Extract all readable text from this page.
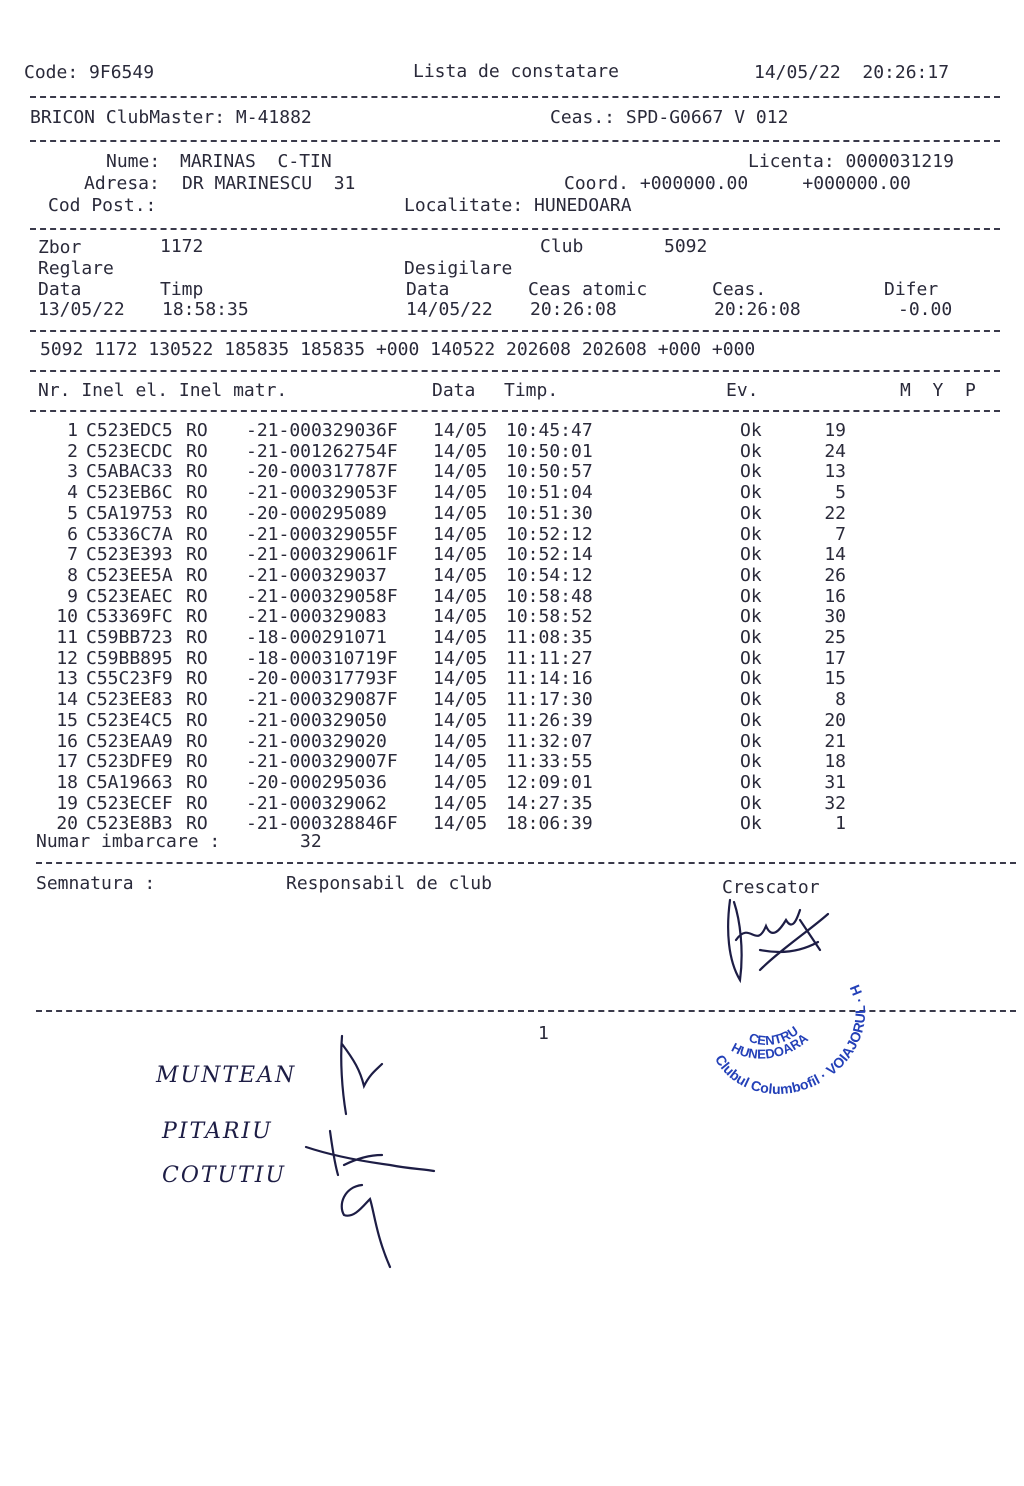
Code: 9F6549	Lista de constatare	14/05/22  20:26:17
BRICON ClubMaster: M-41882	Ceas.: SPD-G0667 V 012
Nume: MARINAS  C-TIN	Licenta: 0000031219
Adresa: DR MARINESCU  31	Coord. +000000.00     +000000.00
Cod Post.:	Localitate: HUNEDOARA
Zbor	1172	Club	5092
Reglare	Desigilare
Data	Timp	Data	Ceas atomic	Ceas.	Difer
13/05/22 18:58:35	14/05/22 20:26:08	20:26:08	-0.00
5092 1172 130522 185835 185835 +000 140522 202608 202608 +000 +000
Nr. Inel el. Inel matr.	Data Timp.	Ev.	M  Y  P
1 C523EDC5 RO -21-000329036F 14/05 10:45:47	Ok	19
2 C523ECDC RO -21-001262754F 14/05 10:50:01	Ok	24
3 C5ABAC33 RO -20-000317787F 14/05 10:50:57	Ok	13
4 C523EB6C RO -21-000329053F 14/05 10:51:04	Ok	5
5 C5A19753 RO -20-000295089	14/05 10:51:30	Ok	22
6 C5336C7A RO -21-000329055F 14/05 10:52:12	Ok	7
7 C523E393 RO -21-000329061F 14/05 10:52:14	Ok	14
8 C523EE5A RO -21-000329037	14/05 10:54:12	Ok	26
9 C523EAEC RO -21-000329058F 14/05 10:58:48	Ok	16
10 C53369FC RO -21-000329083	14/05 10:58:52	Ok	30
11 C59BB723 RO -18-000291071	14/05 11:08:35	Ok	25
12 C59BB895 RO -18-000310719F 14/05 11:11:27	Ok	17
13 C55C23F9 RO -20-000317793F 14/05 11:14:16	Ok	15
14 C523EE83 RO -21-000329087F 14/05 11:17:30	Ok	8
15 C523E4C5 RO -21-000329050	14/05 11:26:39	Ok	20
16 C523EAA9 RO -21-000329020	14/05 11:32:07	Ok	21
17 C523DFE9 RO -21-000329007F 14/05 11:33:55	Ok	18
18 C5A19663 RO -20-000295036	14/05 12:09:01	Ok	31
19 C523ECEF RO -21-000329062	14/05 14:27:35	Ok	32
20 C523E8B3 RO -21-000328846F 14/05 18:06:39	Ok	1
Numar imbarcare :	32
Semnatura :	Responsabil de club	Crescator
1
Clubul Columbofil · VOIAJORUL · Hunedoara
HUNEDOARA
CENTRU
MUNTEAN
PITARIU
COTUTIU
